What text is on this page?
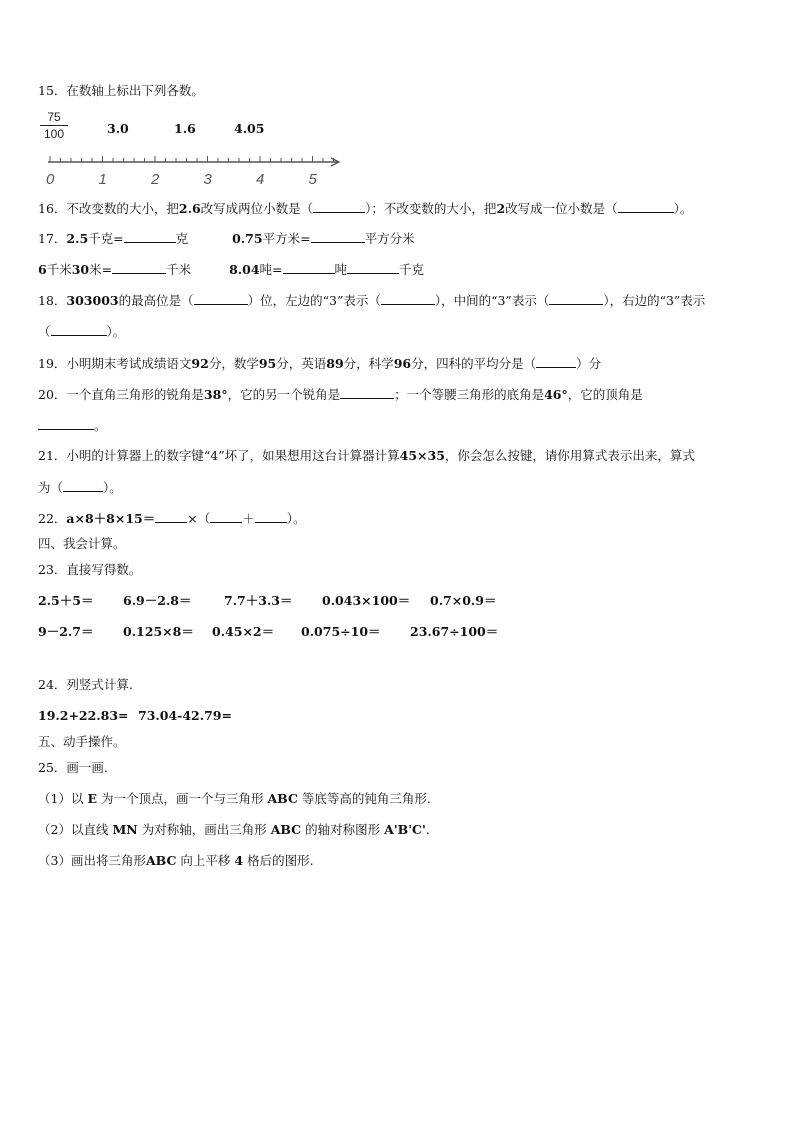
15．在数轴上标出下列各数。
75
100	3.0	1.6	4.05
0	1	2	3	4	5
16．不改变数的大小，把2.6改写成两位小数是（	）；不改变数的大小，把2改写成一位小数是（	）。
17．2.5千克=	克	0.75平方米=	平方分米
6千米30米=	千米	8.04吨=	吨	千克
18．303003的最高位是（	）位，左边的“3”表示（	），中间的“3”表示（	），右边的“3”表示
（	）。
19．小明期末考试成绩语文92分，数学95分，英语89分，科学96分，四科的平均分是（	）分
20．一个直角三角形的锐角是38°，它的另一个锐角是	；一个等腰三角形的底角是46°，它的顶角是
。
21．小明的计算器上的数字键“4”坏了，如果想用这台计算器计算45×35，你会怎么按键，请你用算式表示出来，算式
为（	）。
22．a×8＋8×15＝	×（	＋	）。
四、我会计算。
23．直接写得数。
2.5＋5＝ 6.9－2.8＝	7.7＋3.3＝ 0.043×100＝ 0.7×0.9＝
9－2.7＝ 0.125×8＝ 0.45×2＝ 0.075÷10＝ 23.67÷100＝
24．列竖式计算.
19.2+22.83= 73.04-42.79=
五、动手操作。
25．画一画.
（1）以 E 为一个顶点，画一个与三角形 ABC 等底等高的钝角三角形.
（2）以直线 MN 为对称轴，画出三角形 ABC 的轴对称图形 A'B'C'.
（3）画出将三角形ABC 向上平移 4 格后的图形.
